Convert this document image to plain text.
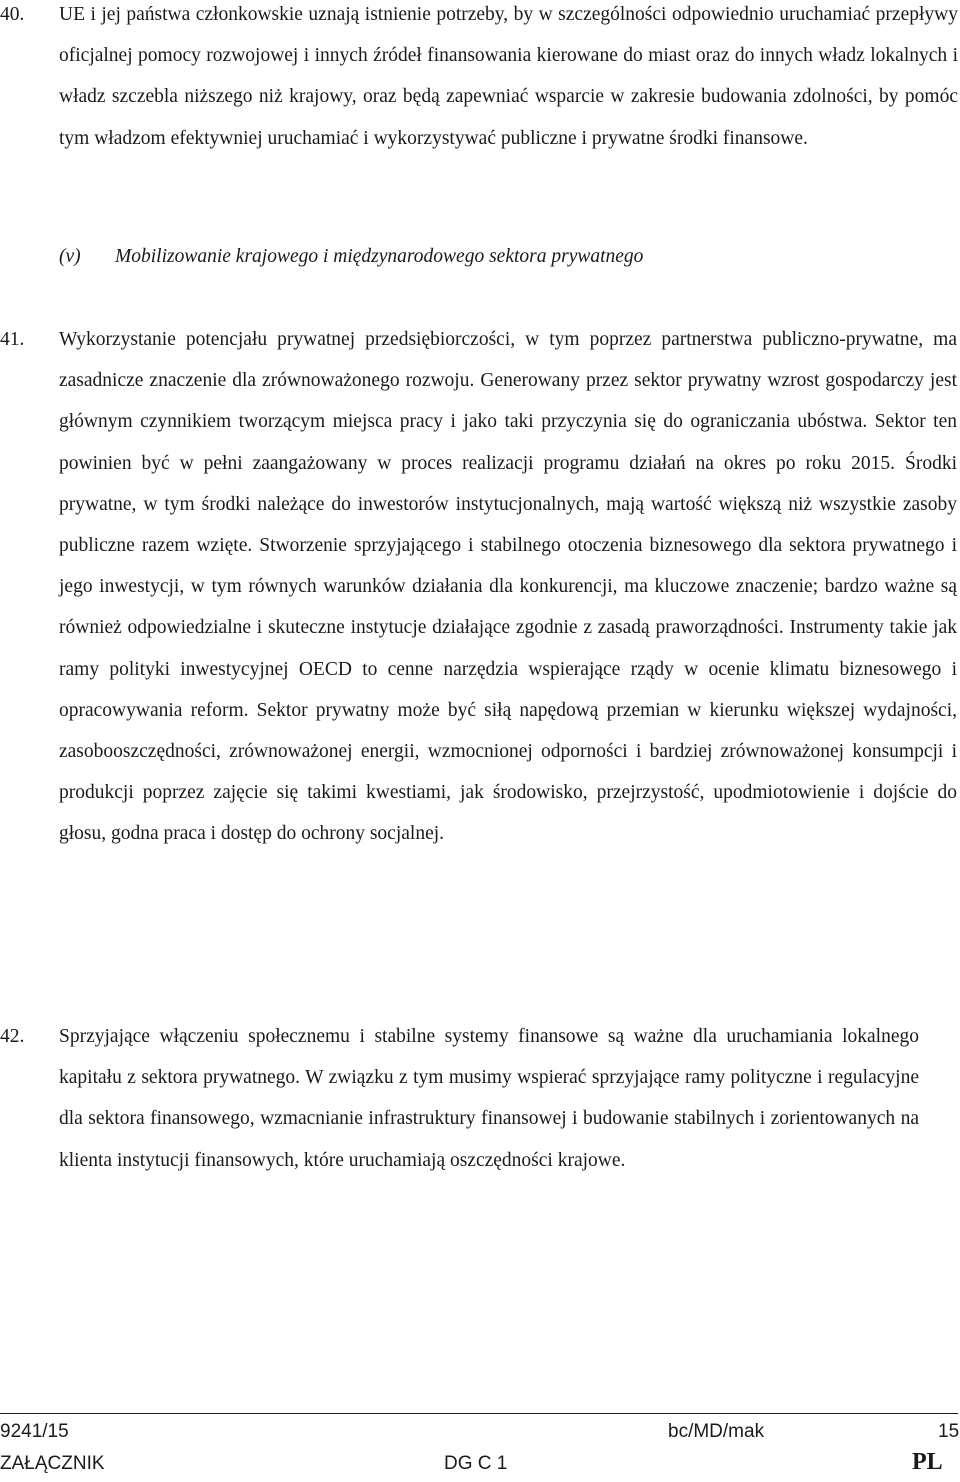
40. UE i jej państwa członkowskie uznają istnienie potrzeby, by w szczególności odpowiednio uruchamiać przepływy oficjalnej pomocy rozwojowej i innych źródeł finansowania kierowane do miast oraz do innych władz lokalnych i władz szczebla niższego niż krajowy, oraz będą zapewniać wsparcie w zakresie budowania zdolności, by pomóc tym władzom efektywniej uruchamiać i wykorzystywać publiczne i prywatne środki finansowe.

(v) Mobilizowanie krajowego i międzynarodowego sektora prywatnego
41. Wykorzystanie potencjału prywatnej przedsiębiorczości, w tym poprzez partnerstwa publiczno-prywatne, ma zasadnicze znaczenie dla zrównoważonego rozwoju. Generowany przez sektor prywatny wzrost gospodarczy jest głównym czynnikiem tworzącym miejsca pracy i jako taki przyczynia się do ograniczania ubóstwa. Sektor ten powinien być w pełni zaangażowany w proces realizacji programu działań na okres po roku 2015. Środki prywatne, w tym środki należące do inwestorów instytucjonalnych, mają wartość większą niż wszystkie zasoby publiczne razem wzięte. Stworzenie sprzyjającego i stabilnego otoczenia biznesowego dla sektora prywatnego i jego inwestycji, w tym równych warunków działania dla konkurencji, ma kluczowe znaczenie; bardzo ważne są również odpowiedzialne i skuteczne instytucje działające zgodnie z zasadą praworządności. Instrumenty takie jak ramy polityki inwestycyjnej OECD to cenne narzędzia wspierające rządy w ocenie klimatu biznesowego i opracowywania reform. Sektor prywatny może być siłą napędową przemian w kierunku większej wydajności, zasobooszczędności, zrównoważonej energii, wzmocnionej odporności i bardziej zrównoważonej konsumpcji i produkcji poprzez zajęcie się takimi kwestiami, jak środowisko, przejrzystość, upodmiotowienie i dojście do głosu, godna praca i dostęp do ochrony socjalnej.

42. Sprzyjające włączeniu społecznemu i stabilne systemy finansowe są ważne dla uruchamiania lokalnego kapitału z sektora prywatnego. W związku z tym musimy wspierać sprzyjające ramy polityczne i regulacyjne dla sektora finansowego, wzmacnianie infrastruktury finansowej i budowanie stabilnych i zorientowanych na klienta instytucji finansowych, które uruchamiają oszczędności krajowe.

9241/15	bc/MD/mak	15
ZAŁĄCZNIK	DG C 1	PL
